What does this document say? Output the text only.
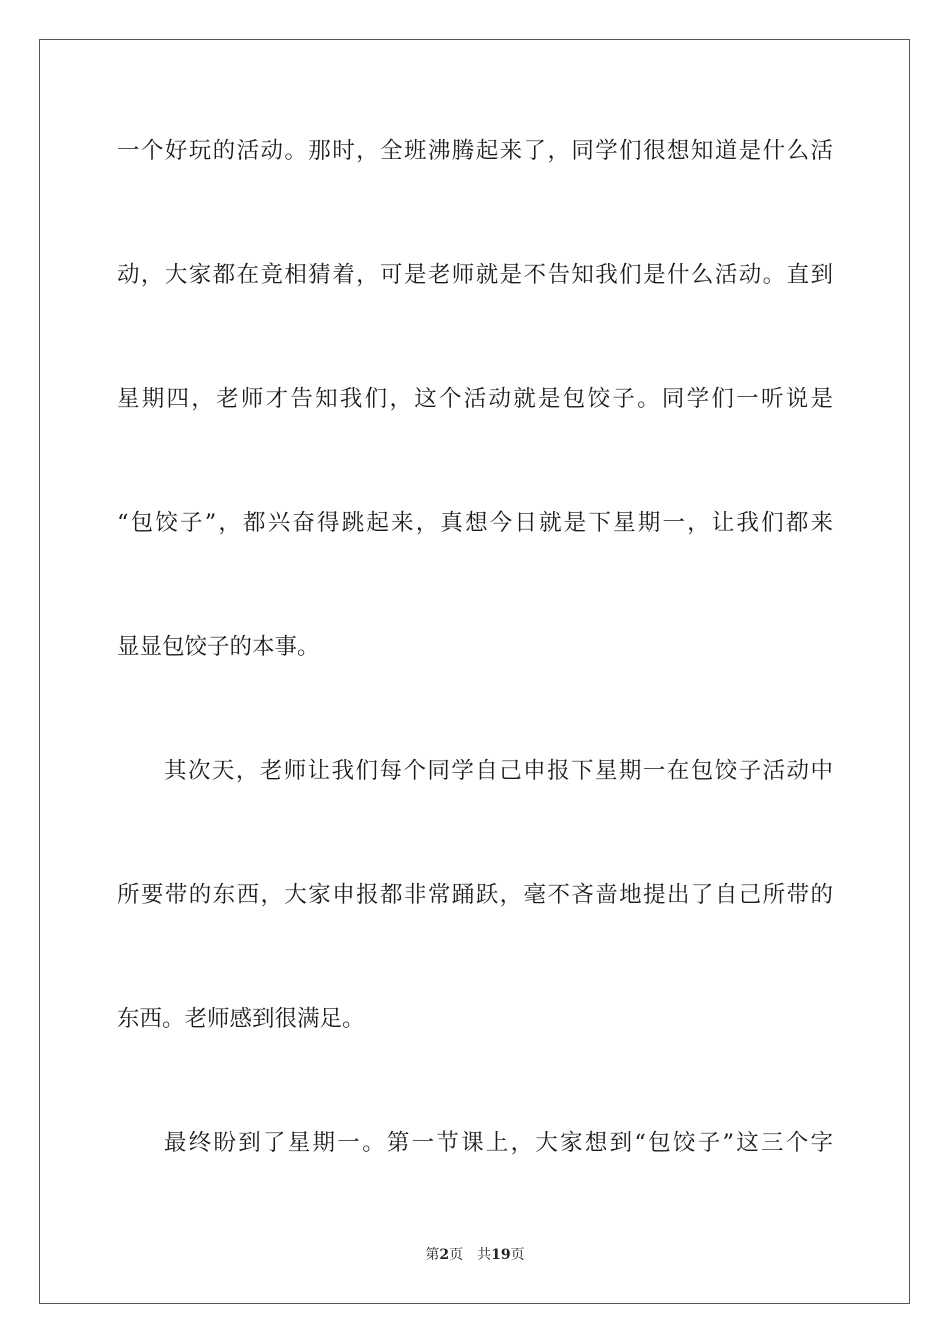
一个好玩的活动。那时，全班沸腾起来了，同学们很想知道是什么活
动，大家都在竟相猜着，可是老师就是不告知我们是什么活动。直到
星期四，老师才告知我们，这个活动就是包饺子。同学们一听说是
“包饺子”，都兴奋得跳起来，真想今日就是下星期一，让我们都来
显显包饺子的本事。
其次天，老师让我们每个同学自己申报下星期一在包饺子活动中
所要带的东西，大家申报都非常踊跃，毫不吝啬地提出了自己所带的
东西。老师感到很满足。
最终盼到了星期一。第一节课上，大家想到“包饺子”这三个字
第2页 共19页
